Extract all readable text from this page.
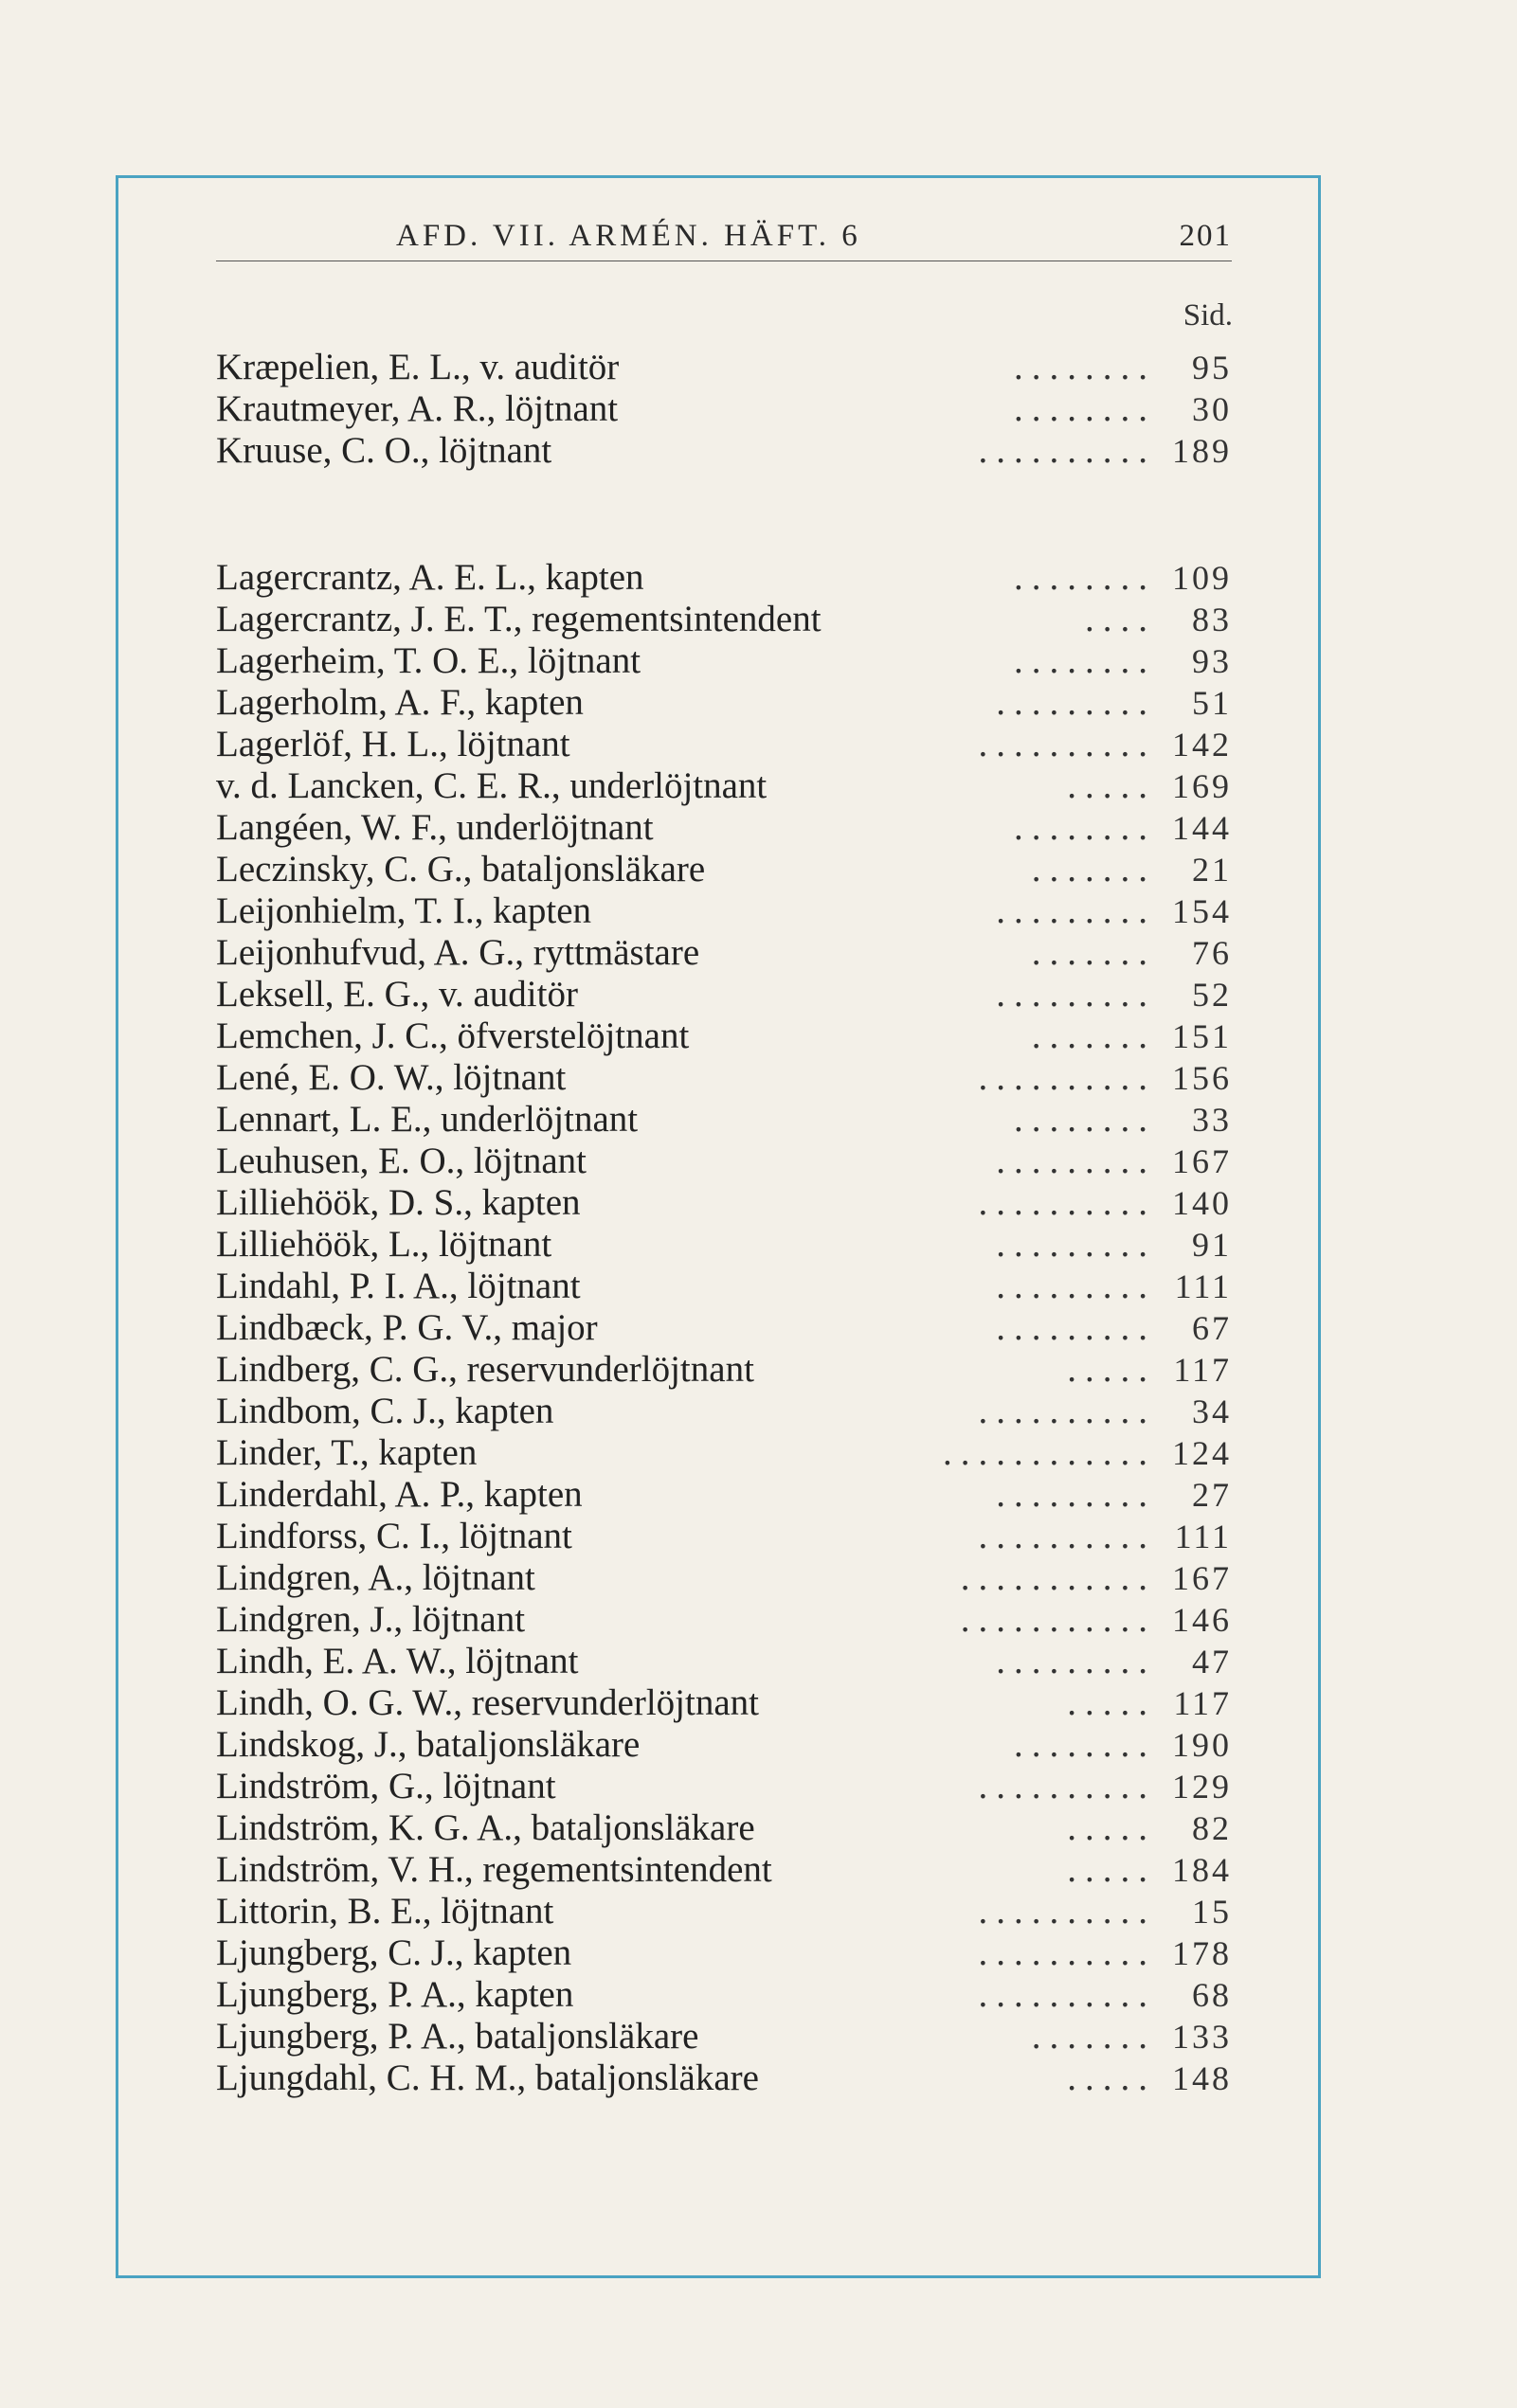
AFD. VII. ARMÉN. HÄFT. 6	201
Sid.
Kræpelien, E. L., v. auditör	........ 95
Krautmeyer, A. R., löjtnant	........ 30
Kruuse, C. O., löjtnant	.......... 189
Lagercrantz, A. E. L., kapten	........ 109
Lagercrantz, J. E. T., regementsintendent	.... 83
Lagerheim, T. O. E., löjtnant	........ 93
Lagerholm, A. F., kapten	......... 51
Lagerlöf, H. L., löjtnant	.......... 142
v. d. Lancken, C. E. R., underlöjtnant	..... 169
Langéen, W. F., underlöjtnant	........ 144
Leczinsky, C. G., bataljonsläkare	....... 21
Leijonhielm, T. I., kapten	......... 154
Leijonhufvud, A. G., ryttmästare	....... 76
Leksell, E. G., v. auditör	......... 52
Lemchen, J. C., öfverstelöjtnant	....... 151
Lené, E. O. W., löjtnant	.......... 156
Lennart, L. E., underlöjtnant	........ 33
Leuhusen, E. O., löjtnant	......... 167
Lilliehöök, D. S., kapten	.......... 140
Lilliehöök, L., löjtnant	......... 91
Lindahl, P. I. A., löjtnant	......... 111
Lindbæck, P. G. V., major	......... 67
Lindberg, C. G., reservunderlöjtnant	..... 117
Lindbom, C. J., kapten	.......... 34
Linder, T., kapten	............ 124
Linderdahl, A. P., kapten	......... 27
Lindforss, C. I., löjtnant	.......... 111
Lindgren, A., löjtnant	........... 167
Lindgren, J., löjtnant	........... 146
Lindh, E. A. W., löjtnant	......... 47
Lindh, O. G. W., reservunderlöjtnant	..... 117
Lindskog, J., bataljonsläkare	........ 190
Lindström, G., löjtnant	.......... 129
Lindström, K. G. A., bataljonsläkare	..... 82
Lindström, V. H., regementsintendent	..... 184
Littorin, B. E., löjtnant	.......... 15
Ljungberg, C. J., kapten	.......... 178
Ljungberg, P. A., kapten	.......... 68
Ljungberg, P. A., bataljonsläkare	....... 133
Ljungdahl, C. H. M., bataljonsläkare	..... 148
